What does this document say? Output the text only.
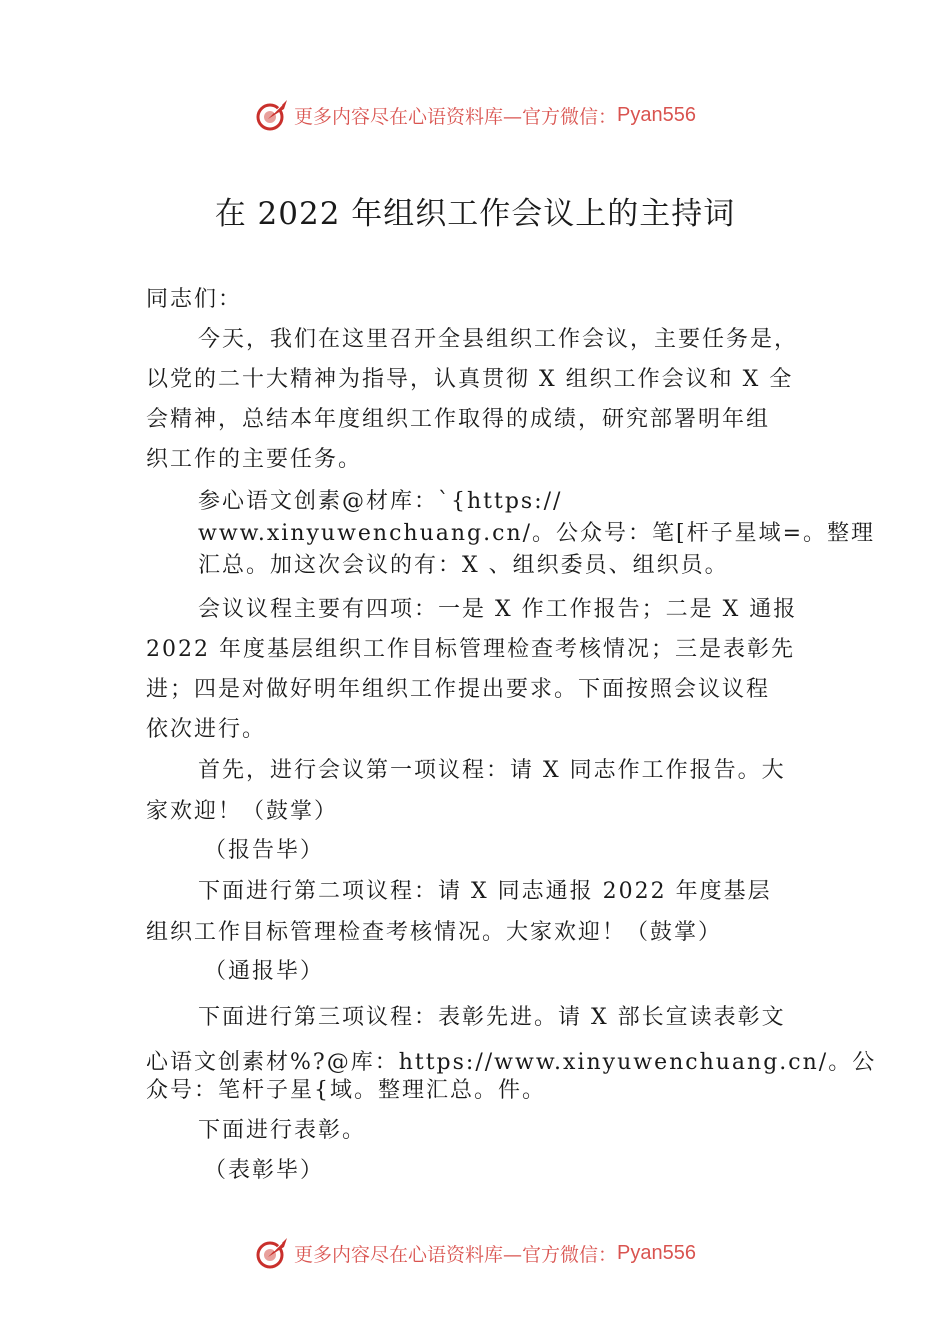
更多内容尽在心语资料库—官方微信： Pyan556
在 2022 年组织工作会议上的主持词
同志们：
今天，我们在这里召开全县组织工作会议，主要任务是，
以党的二十大精神为指导，认真贯彻 X 组织工作会议和 X 全
会精神，总结本年度组织工作取得的成绩，研究部署明年组
织工作的主要任务。
参心语文创素@材库：`{https://
www.xinyuwenchuang.cn/。公众号：笔[杆子星域=。整理
汇总。加这次会议的有：X 、组织委员、组织员。
会议议程主要有四项：一是 X 作工作报告；二是 X 通报
2022 年度基层组织工作目标管理检查考核情况；三是表彰先
进；四是对做好明年组织工作提出要求。下面按照会议议程
依次进行。
首先，进行会议第一项议程：请 X 同志作工作报告。大
家欢迎！（鼓掌）
（报告毕）
下面进行第二项议程：请 X 同志通报 2022 年度基层
组织工作目标管理检查考核情况。大家欢迎！（鼓掌）
（通报毕）
下面进行第三项议程：表彰先进。请 X 部长宣读表彰文
心语文创素材%?@库：https://www.xinyuwenchuang.cn/。公
众号：笔杆子星{域。整理汇总。件。
下面进行表彰。
（表彰毕）
更多内容尽在心语资料库—官方微信： Pyan556
